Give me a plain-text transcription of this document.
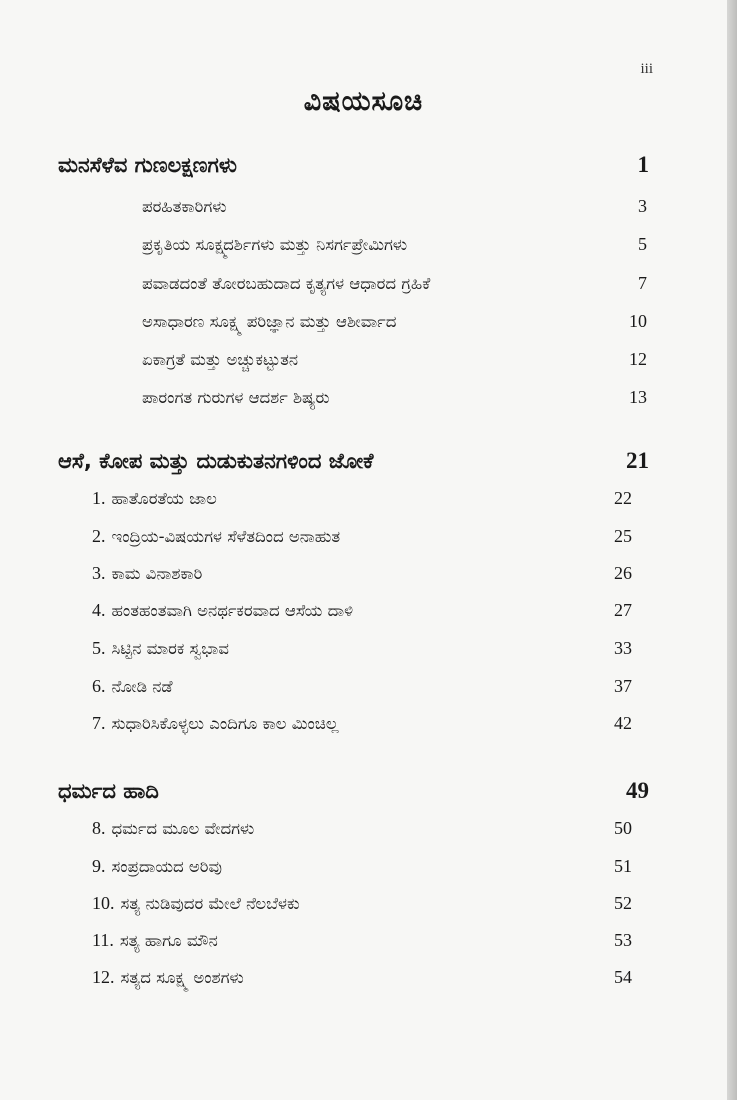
iii
ವಿಷಯಸೂಚಿ
ಮನಸೆಳೆವ ಗುಣಲಕ್ಷಣಗಳು	1
ಪರಹಿತಕಾರಿಗಳು	3
ಪ್ರಕೃತಿಯ ಸೂಕ್ಷ್ಮದರ್ಶಿಗಳು ಮತ್ತು ನಿಸರ್ಗಪ್ರೇಮಿಗಳು	5
ಪವಾಡದಂತೆ ತೋರಬಹುದಾದ ಕೃತ್ಯಗಳ ಆಧಾರದ ಗ್ರಹಿಕೆ	7
ಅಸಾಧಾರಣ ಸೂಕ್ಷ್ಮ ಪರಿಜ್ಞಾನ ಮತ್ತು ಆಶೀರ್ವಾದ	10
ಏಕಾಗ್ರತೆ ಮತ್ತು ಅಚ್ಚುಕಟ್ಟುತನ	12
ಪಾರಂಗತ ಗುರುಗಳ ಆದರ್ಶ ಶಿಷ್ಯರು	13
ಆಸೆ, ಕೋಪ ಮತ್ತು ದುಡುಕುತನಗಳಿಂದ ಜೋಕೆ	21
1. ಹಾತೊರತೆಯ ಜಾಲ	22
2. ಇಂದ್ರಿಯ-ವಿಷಯಗಳ ಸೆಳೆತದಿಂದ ಅನಾಹುತ	25
3. ಕಾಮ ವಿನಾಶಕಾರಿ	26
4. ಹಂತಹಂತವಾಗಿ ಅನರ್ಥಕರವಾದ ಆಸೆಯ ದಾಳಿ	27
5. ಸಿಟ್ಟಿನ ಮಾರಕ ಸ್ವಭಾವ	33
6. ನೋಡಿ ನಡೆ	37
7. ಸುಧಾರಿಸಿಕೊಳ್ಳಲು ಎಂದಿಗೂ ಕಾಲ ಮಿಂಚಿಲ್ಲ	42
ಧರ್ಮದ ಹಾದಿ	49
8. ಧರ್ಮದ ಮೂಲ ವೇದಗಳು	50
9. ಸಂಪ್ರದಾಯದ ಅರಿವು	51
10. ಸತ್ಯ ನುಡಿವುದರ ಮೇಲೆ ನೆಲಬೆಳಕು	52
11. ಸತ್ಯ ಹಾಗೂ ಮೌನ	53
12. ಸತ್ಯದ ಸೂಕ್ಷ್ಮ ಅಂಶಗಳು	54
